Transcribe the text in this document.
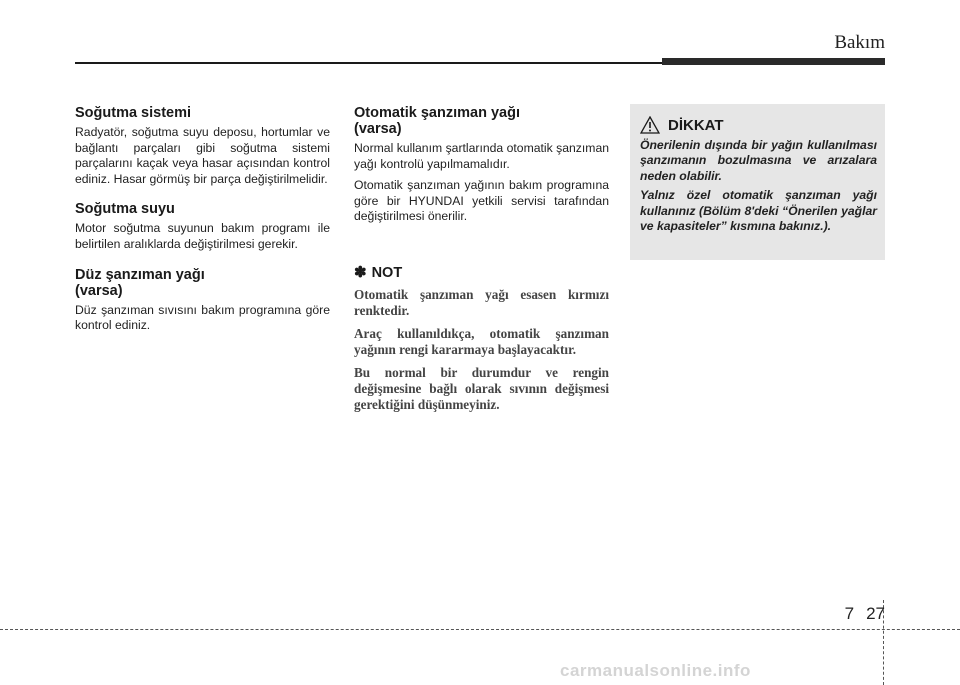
Bakım
Soğutma sistemi

Radyatör, soğutma suyu deposu, hortumlar ve bağlantı parçaları gibi soğutma sistemi parçalarını kaçak veya hasar açısından kontrol ediniz. Hasar görmüş bir parça değiştirilmelidir.

Soğutma suyu

Motor soğutma suyunun bakım programı ile belirtilen aralıklarda değiştirilmesi gerekir.

Düz şanzıman yağı
(varsa)

Düz şanzıman sıvısını bakım programına göre kontrol ediniz.

Otomatik şanzıman yağı
(varsa)

Normal kullanım şartlarında otomatik şanzıman yağı kontrolü yapılmamalıdır.

Otomatik şanzıman yağının bakım programına göre bir HYUNDAI yetkili servisi tarafından değiştirilmesi önerilir.

✽ NOT

Otomatik şanzıman yağı esasen kırmızı renktedir.

Araç kullanıldıkça, otomatik şanzıman yağının rengi kararmaya başlayacaktır.

Bu normal bir durumdur ve rengin değişmesine bağlı olarak sıvının değişmesi gerektiğini düşünmeyiniz.

DİKKAT

Önerilenin dışında bir yağın kullanılması şanzımanın bozulmasına ve arızalara neden olabilir.

Yalnız özel otomatik şanzıman yağı kullanınız (Bölüm 8'deki “Önerilen yağlar ve kapasiteler” kısmına bakınız.).

7 27
carmanualsonline.info
